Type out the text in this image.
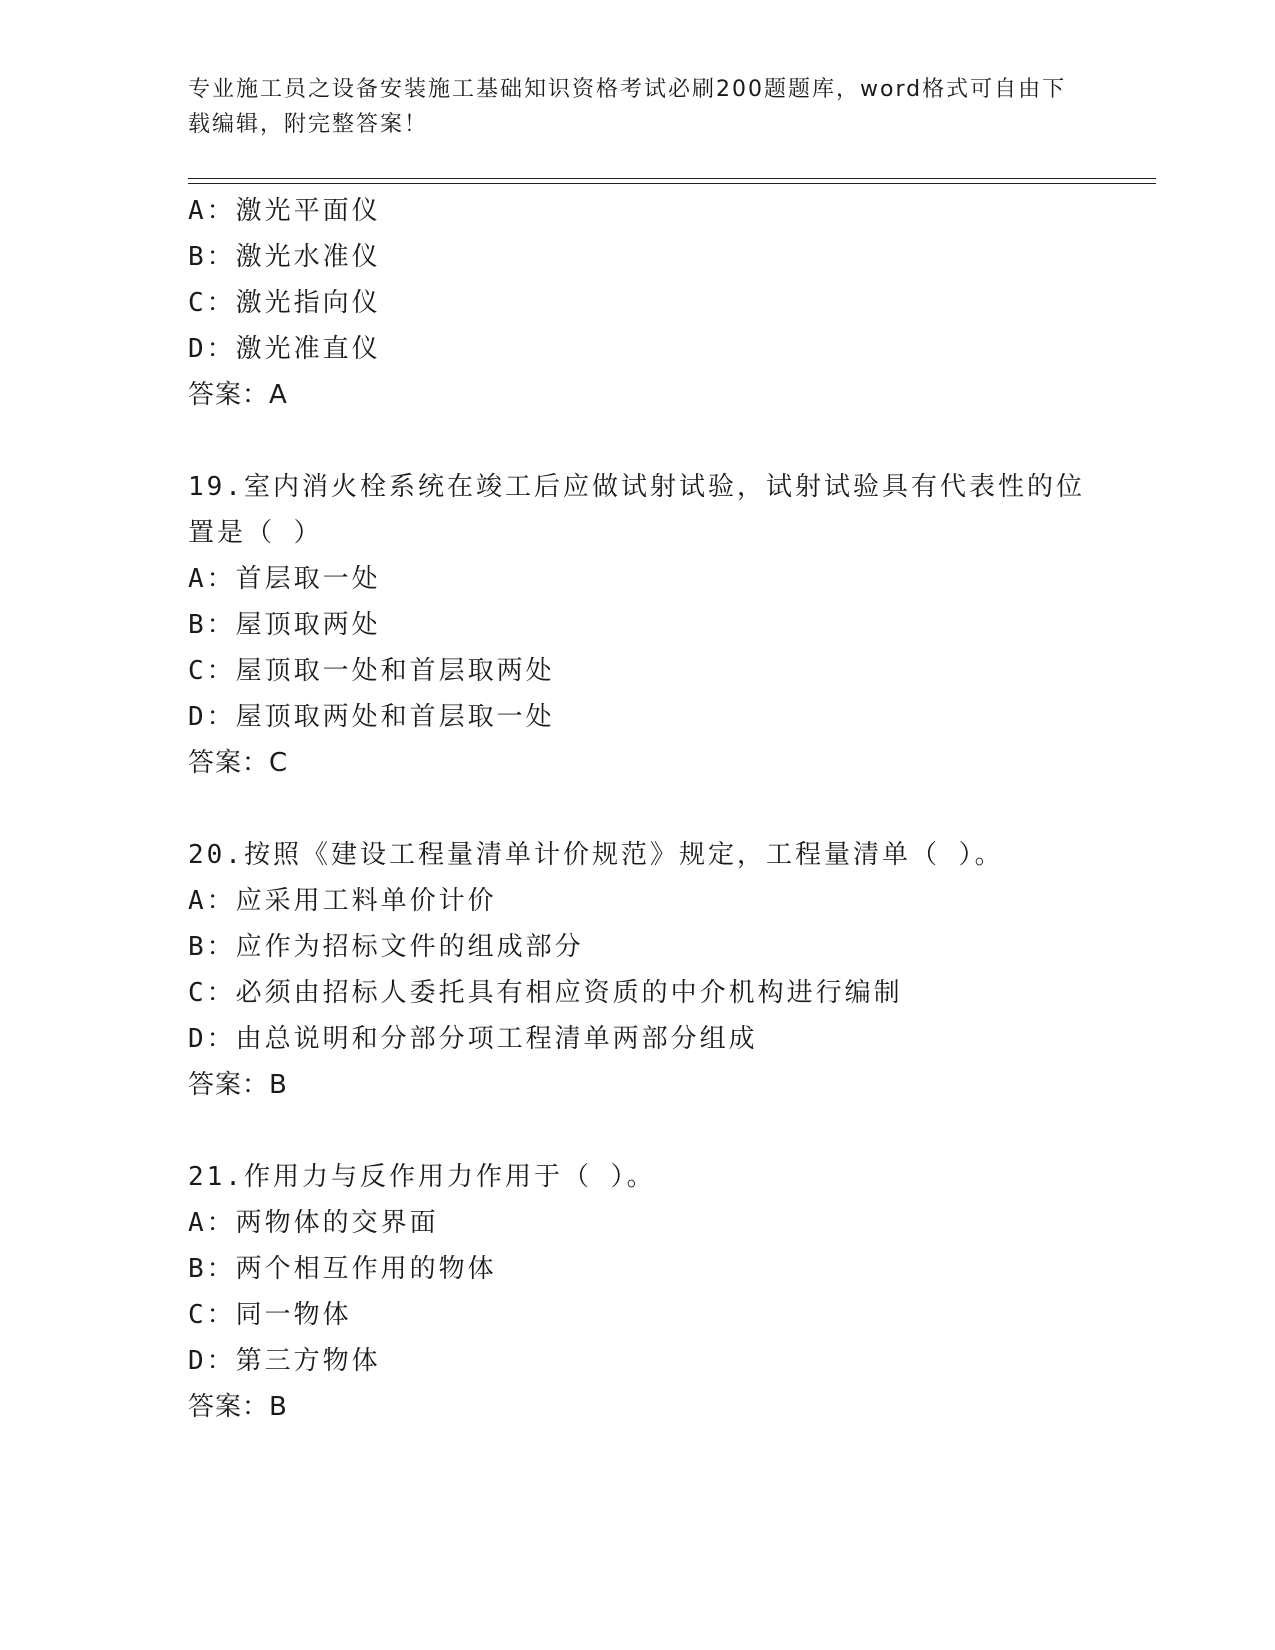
专业施工员之设备安装施工基础知识资格考试必刷200题题库，word格式可自由下载编辑，附完整答案！
A：激光平面仪
B：激光水准仪
C：激光指向仪
D：激光准直仪
答案：A
19.室内消火栓系统在竣工后应做试射试验，试射试验具有代表性的位置是（ ）
A：首层取一处
B：屋顶取两处
C：屋顶取一处和首层取两处
D：屋顶取两处和首层取一处
答案：C
20.按照《建设工程量清单计价规范》规定，工程量清单（ ）。
A：应采用工料单价计价
B：应作为招标文件的组成部分
C：必须由招标人委托具有相应资质的中介机构进行编制
D：由总说明和分部分项工程清单两部分组成
答案：B
21.作用力与反作用力作用于（ ）。
A：两物体的交界面
B：两个相互作用的物体
C：同一物体
D：第三方物体
答案：B
